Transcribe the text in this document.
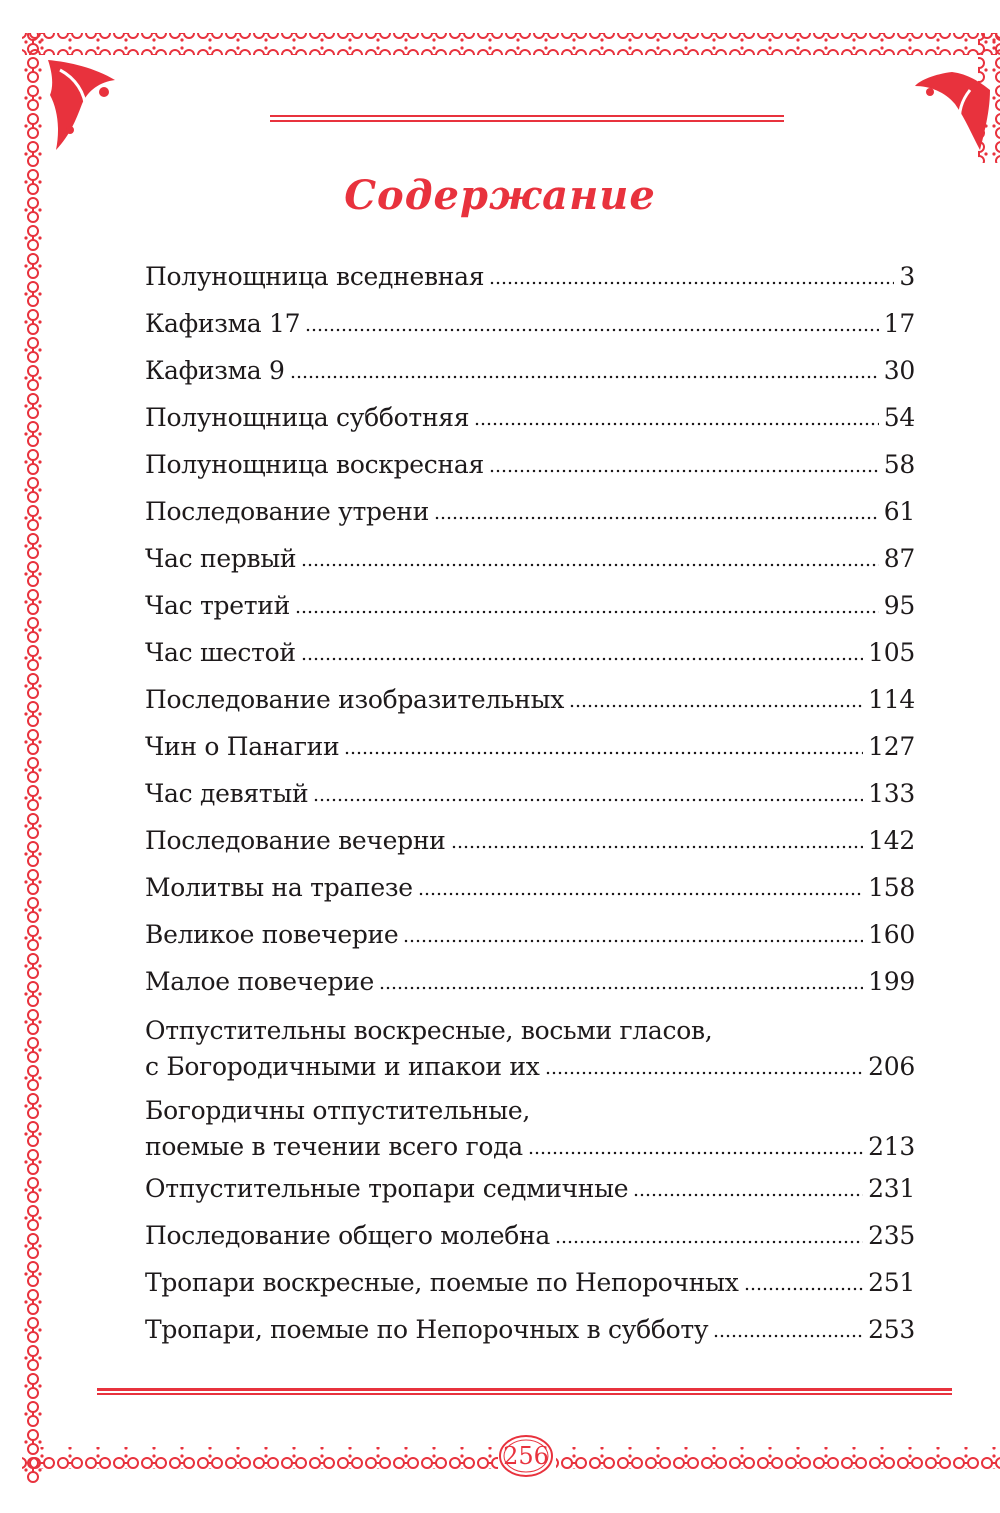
Содержание
Полунощница вседневная	3
Кафизма 17	17
Кафизма 9	30
Полунощница субботняя	54
Полунощница воскресная	58
Последование утрени	61
Час первый	87
Час третий	95
Час шестой	105
Последование изобразительных	114
Чин о Панагии	127
Час девятый	133
Последование вечерни	142
Молитвы на трапезе	158
Великое повечерие	160
Малое повечерие	199
Отпустительны воскресные, восьми гласов,
с Богородичными и ипакои их	206
Богордичны отпустительные,
поемые в течении всего года	213
Отпустительные тропари седмичные	231
Последование общего молебна	235
Тропари воскресные, поемые по Непорочных	251
Тропари, поемые по Непорочных в субботу	253
256
